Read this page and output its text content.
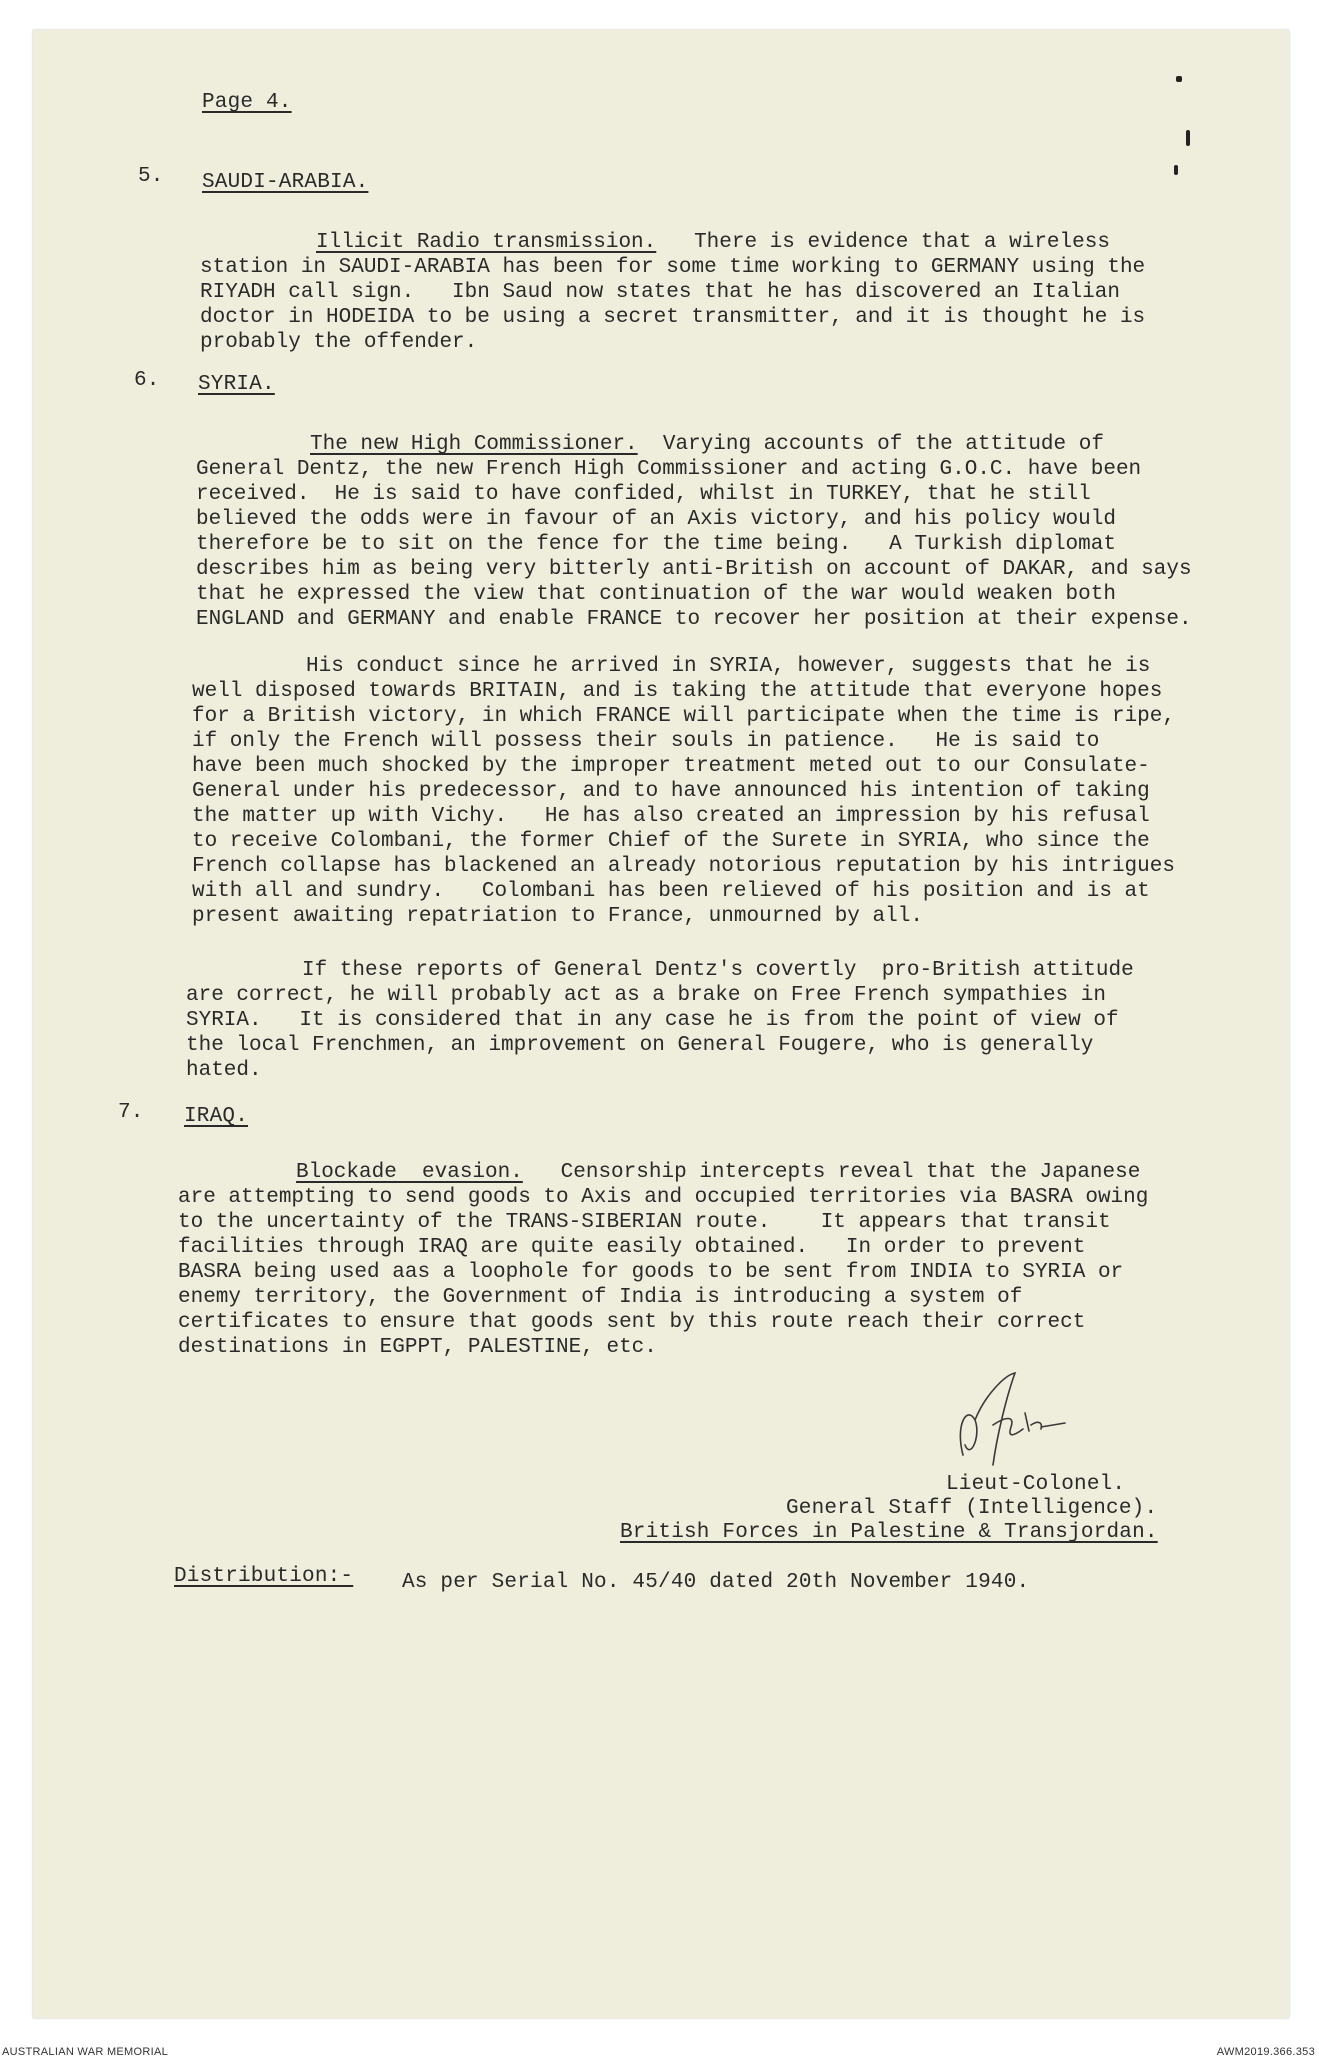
Page 4.
5. SAUDI-ARABIA.
Illicit Radio transmission.   There is evidence that a wireless
station in SAUDI-ARABIA has been for some time working to GERMANY using the
RIYADH call sign.   Ibn Saud now states that he has discovered an Italian
doctor in HODEIDA to be using a secret transmitter, and it is thought he is
probably the offender.
6. SYRIA.
The new High Commissioner.  Varying accounts of the attitude of
General Dentz, the new French High Commissioner and acting G.O.C. have been
received.  He is said to have confided, whilst in TURKEY, that he still
believed the odds were in favour of an Axis victory, and his policy would
therefore be to sit on the fence for the time being.   A Turkish diplomat
describes him as being very bitterly anti-British on account of DAKAR, and says
that he expressed the view that continuation of the war would weaken both
ENGLAND and GERMANY and enable FRANCE to recover her position at their expense.
His conduct since he arrived in SYRIA, however, suggests that he is
well disposed towards BRITAIN, and is taking the attitude that everyone hopes
for a British victory, in which FRANCE will participate when the time is ripe,
if only the French will possess their souls in patience.   He is said to
have been much shocked by the improper treatment meted out to our Consulate-
General under his predecessor, and to have announced his intention of taking
the matter up with Vichy.   He has also created an impression by his refusal
to receive Colombani, the former Chief of the Surete in SYRIA, who since the
French collapse has blackened an already notorious reputation by his intrigues
with all and sundry.   Colombani has been relieved of his position and is at
present awaiting repatriation to France, unmourned by all.
If these reports of General Dentz's covertly  pro-British attitude
are correct, he will probably act as a brake on Free French sympathies in
SYRIA.   It is considered that in any case he is from the point of view of
the local Frenchmen, an improvement on General Fougere, who is generally
hated.
7. IRAQ.
Blockade  evasion.   Censorship intercepts reveal that the Japanese
are attempting to send goods to Axis and occupied territories via BASRA owing
to the uncertainty of the TRANS-SIBERIAN route.    It appears that transit
facilities through IRAQ are quite easily obtained.   In order to prevent
BASRA being used aas a loophole for goods to be sent from INDIA to SYRIA or
enemy territory, the Government of India is introducing a system of
certificates to ensure that goods sent by this route reach their correct
destinations in EGPPT, PALESTINE, etc.
Lieut-Colonel.
General Staff (Intelligence).
British Forces in Palestine & Transjordan.
Distribution:- As per Serial No. 45/40 dated 20th November 1940.
AUSTRALIAN WAR MEMORIAL	AWM2019.366.353
